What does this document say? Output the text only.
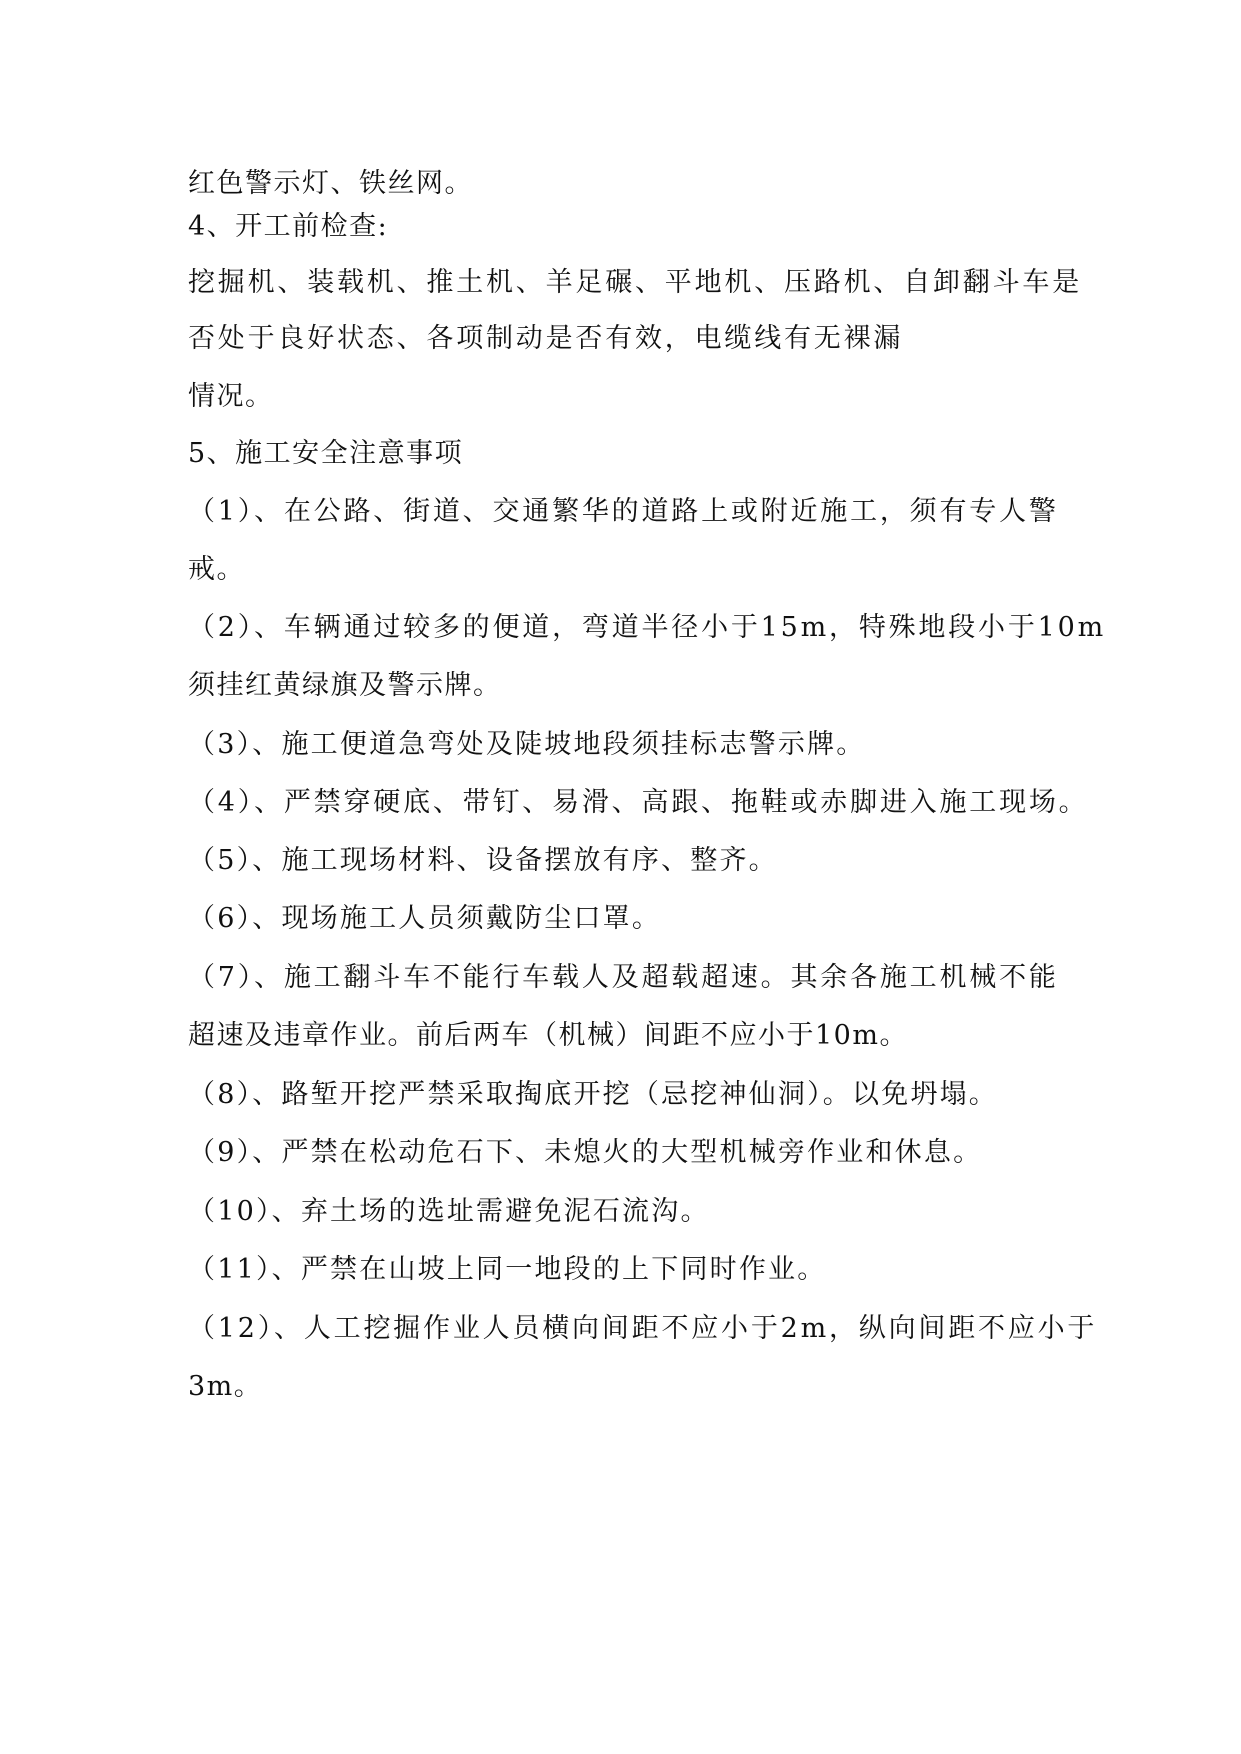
红色警示灯、铁丝网。

4、开工前检查:

挖掘机、装载机、推土机、羊足碾、平地机、压路机、自卸翻斗车是

否处于良好状态、各项制动是否有效，电缆线有无裸漏

情况。

5、施工安全注意事项

（1）、在公路、街道、交通繁华的道路上或附近施工，须有专人警

戒。

（2）、车辆通过较多的便道，弯道半径小于15m，特殊地段小于10m

须挂红黄绿旗及警示牌。

（3）、施工便道急弯处及陡坡地段须挂标志警示牌。

（4）、严禁穿硬底、带钉、易滑、高跟、拖鞋或赤脚进入施工现场。

（5）、施工现场材料、设备摆放有序、整齐。

（6）、现场施工人员须戴防尘口罩。

（7）、施工翻斗车不能行车载人及超载超速。其余各施工机械不能

超速及违章作业。前后两车（机械）间距不应小于10m。

（8）、路堑开挖严禁采取掏底开挖（忌挖神仙洞）。以免坍塌。

（9）、严禁在松动危石下、未熄火的大型机械旁作业和休息。

（10）、弃土场的选址需避免泥石流沟。

（11）、严禁在山坡上同一地段的上下同时作业。

（12）、人工挖掘作业人员横向间距不应小于2m，纵向间距不应小于

3m。
